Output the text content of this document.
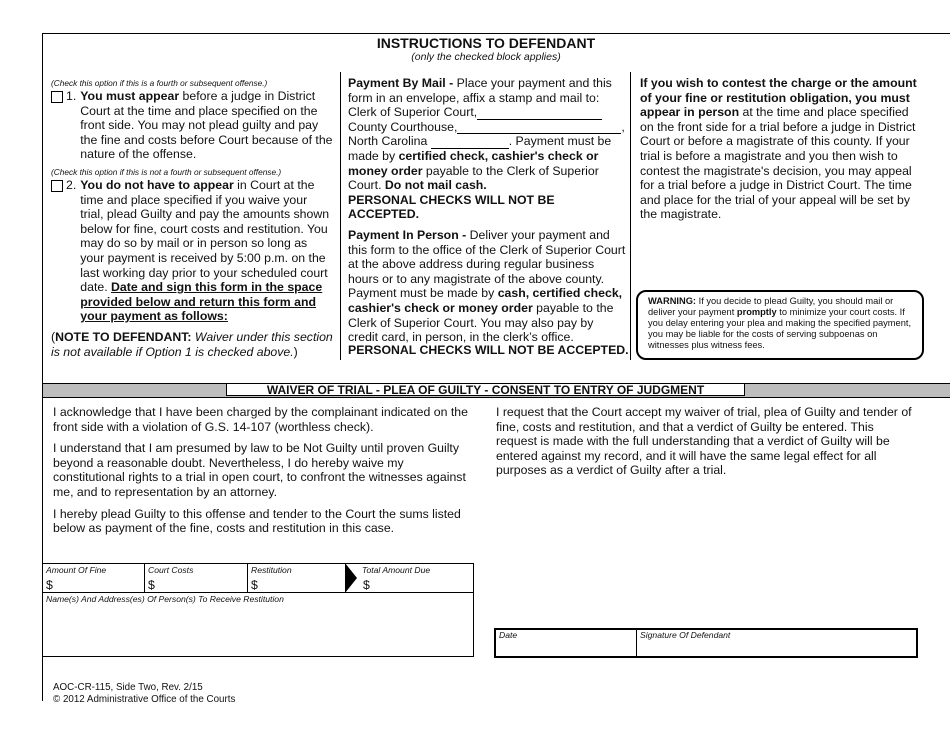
INSTRUCTIONS TO DEFENDANT
(only the checked block applies)
(Check this option if this is a fourth or subsequent offense.)
1. You must appear before a judge in District Court at the time and place specified on the front side. You may not plead guilty and pay the fine and costs before Court because of the nature of the offense.
(Check this option if this is not a fourth or subsequent offense.)
2. You do not have to appear in Court at the time and place specified if you waive your trial, plead Guilty and pay the amounts shown below for fine, court costs and restitution. You may do so by mail or in person so long as your payment is received by 5:00 p.m. on the last working day prior to your scheduled court date. Date and sign this form in the space provided below and return this form and your payment as follows:
(NOTE TO DEFENDANT: Waiver under this section is not available if Option 1 is checked above.)

Payment By Mail - Place your payment and this form in an envelope, affix a stamp and mail to:

Clerk of Superior Court,

County Courthouse,	,

North Carolina	. Payment must be

made by certified check, cashier's check or money order payable to the Clerk of Superior Court. Do not mail cash.

PERSONAL CHECKS WILL NOT BE ACCEPTED.

Payment In Person - Deliver your payment and this form to the office of the Clerk of Superior Court at the above address during regular business hours or to any magistrate of the above county. Payment must be made by cash, certified check, cashier's check or money order payable to the Clerk of Superior Court. You may also pay by credit card, in person, in the clerk’s office.

PERSONAL CHECKS WILL NOT BE ACCEPTED.
If you wish to contest the charge or the amount of your fine or restitution obligation, you must appear in person at the time and place specified on the front side for a trial before a judge in District Court or before a magistrate of this county. If your trial is before a magistrate and you then wish to contest the magistrate's decision, you may appeal for a trial before a judge in District Court. The time and place for the trial of your appeal will be set by the magistrate.
WARNING: If you decide to plead Guilty, you should mail or deliver your payment promptly to minimize your court costs. If you delay entering your plea and making the specified payment, you may be liable for the costs of serving subpoenas on witnesses plus witness fees.
WAIVER OF TRIAL - PLEA OF GUILTY - CONSENT TO ENTRY OF JUDGMENT

I acknowledge that I have been charged by the complainant indicated on the front side with a violation of G.S. 14-107 (worthless check).

I understand that I am presumed by law to be Not Guilty until proven Guilty beyond a reasonable doubt. Nevertheless, I do hereby waive my constitutional rights to a trial in open court, to confront the witnesses against me, and to representation by an attorney.

I hereby plead Guilty to this offense and tender to the Court the sums listed below as payment of the fine, costs and restitution in this case.

I request that the Court accept my waiver of trial, plea of Guilty and tender of fine, costs and restitution, and that a verdict of Guilty be entered. This request is made with the full understanding that a verdict of Guilty will be entered against my record, and it will have the same legal effect for all purposes as a verdict of Guilty after a trial.

Amount Of Fine	Court Costs	Restitution	Total Amount Due
$	$	$	$
Name(s) And Address(es) Of Person(s) To Receive Restitution
Date	Signature Of Defendant
AOC-CR-115, Side Two, Rev. 2/15
© 2012 Administrative Office of the Courts
